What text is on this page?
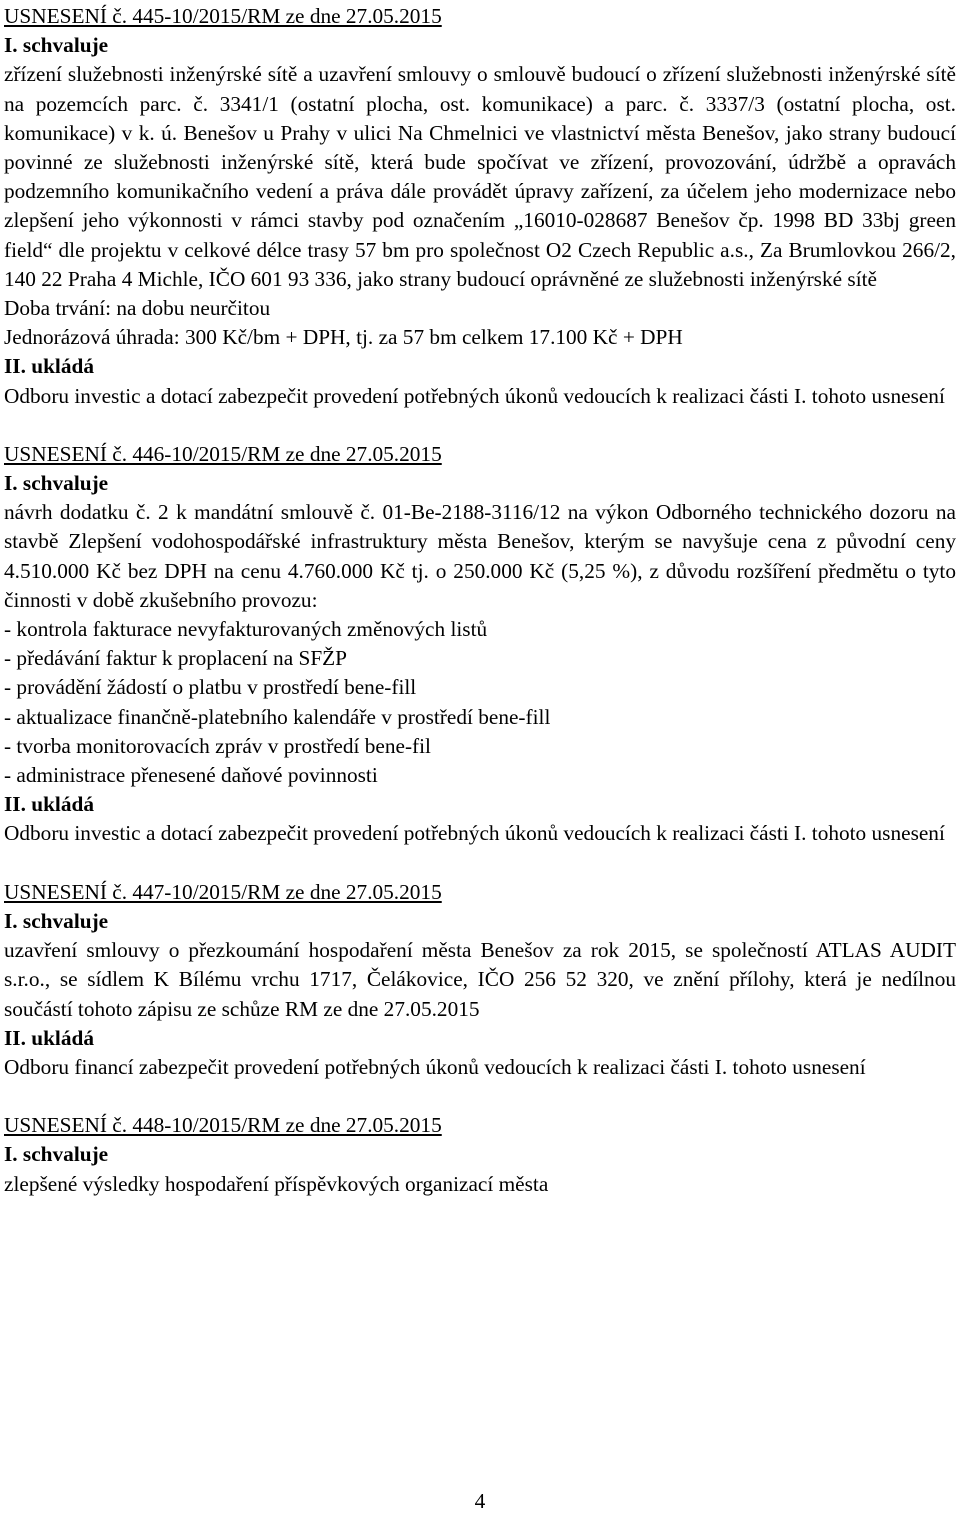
USNESENÍ č. 445-10/2015/RM ze dne 27.05.2015
I. schvaluje
zřízení služebnosti inženýrské sítě a uzavření smlouvy o smlouvě budoucí o zřízení služebnosti inženýrské sítě na pozemcích parc. č. 3341/1 (ostatní plocha, ost. komunikace) a parc. č. 3337/3 (ostatní plocha, ost. komunikace) v k. ú. Benešov u Prahy v ulici Na Chmelnici ve vlastnictví města Benešov, jako strany budoucí povinné ze služebnosti inženýrské sítě, která bude spočívat ve zřízení, provozování, údržbě a opravách podzemního komunikačního vedení a práva dále provádět úpravy zařízení, za účelem jeho modernizace nebo zlepšení jeho výkonnosti v rámci stavby pod označením „16010-028687 Benešov čp. 1998 BD 33bj green field“ dle projektu v celkové délce trasy 57 bm pro společnost O2 Czech Republic a.s., Za Brumlovkou 266/2, 140 22 Praha 4 Michle, IČO 601 93 336, jako strany budoucí oprávněné ze služebnosti inženýrské sítě
Doba trvání: na dobu neurčitou
Jednorázová úhrada: 300 Kč/bm + DPH, tj. za 57 bm celkem 17.100 Kč + DPH
II. ukládá
Odboru investic a dotací zabezpečit provedení potřebných úkonů vedoucích k realizaci části I. tohoto usnesení
USNESENÍ č. 446-10/2015/RM ze dne 27.05.2015
I. schvaluje
návrh dodatku č. 2 k mandátní smlouvě č. 01-Be-2188-3116/12 na výkon Odborného technického dozoru na stavbě Zlepšení vodohospodářské infrastruktury města Benešov, kterým se navyšuje cena z původní ceny 4.510.000 Kč bez DPH na cenu 4.760.000 Kč tj. o 250.000 Kč (5,25 %), z důvodu rozšíření předmětu o tyto činnosti v době zkušebního provozu:
- kontrola fakturace nevyfakturovaných změnových listů
- předávání faktur k proplacení na SFŽP
- provádění žádostí o platbu v prostředí bene-fill
- aktualizace finančně-platebního kalendáře v prostředí bene-fill
- tvorba monitorovacích zpráv v prostředí bene-fil
- administrace přenesené daňové povinnosti
II. ukládá
Odboru investic a dotací zabezpečit provedení potřebných úkonů vedoucích k realizaci části I. tohoto usnesení
USNESENÍ č. 447-10/2015/RM ze dne 27.05.2015
I. schvaluje
uzavření smlouvy o přezkoumání hospodaření města Benešov za rok 2015, se společností ATLAS AUDIT s.r.o., se sídlem K Bílému vrchu 1717, Čelákovice, IČO 256 52 320, ve znění přílohy, která je nedílnou součástí tohoto zápisu ze schůze RM ze dne 27.05.2015
II. ukládá
Odboru financí zabezpečit provedení potřebných úkonů vedoucích k realizaci části I. tohoto usnesení
USNESENÍ č. 448-10/2015/RM ze dne 27.05.2015
I. schvaluje
zlepšené výsledky hospodaření příspěvkových organizací města
4
